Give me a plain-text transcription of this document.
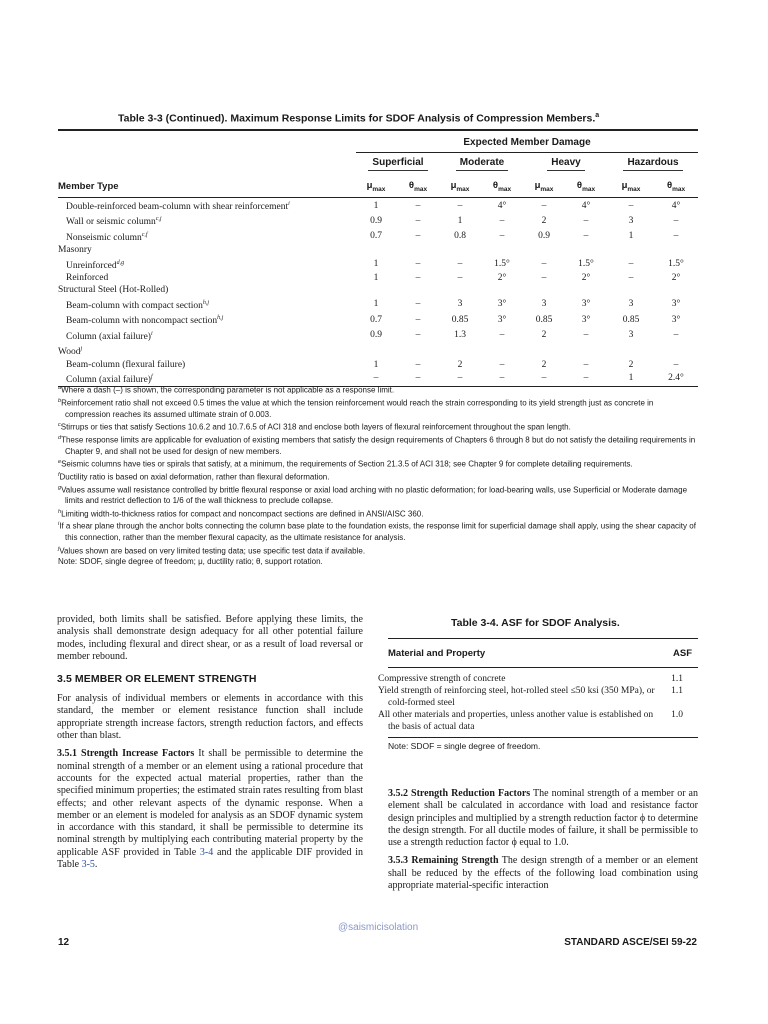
Table 3-3 (Continued). Maximum Response Limits for SDOF Analysis of Compression Members.$^a$
	Expected Member Damage							
	Superficial		Moderate		Heavy		Hazardous	
Member Type	$\mu_{max}$	$\theta_{max}$	$\mu_{max}$	$\theta_{max}$	$\mu_{max}$	$\theta_{max}$	$\mu_{max}$	$\theta_{max}$
Double-reinforced beam-column with shear reinforcement$^i$	1	–	–	4°	–	4°	–	4°
Wall or seismic column$^{c,j}$	0.9	–	1	–	2	–	3	–
Nonseismic column$^{c,f}$	0.7	–	0.8	–	0.9	–	1	–
Masonry								
Unreinforced$^{d,g}$	1	–	–	1.5°	–	1.5°	–	1.5°
Reinforced	1	–	–	2°	–	2°	–	2°
Structural Steel (Hot-Rolled)								
Beam-column with compact section$^{h,j}$	1	–	3	3°	3	3°	3	3°
Beam-column with noncompact section$^{h,j}$	0.7	–	0.85	3°	0.85	3°	0.85	3°
Column (axial failure)$^i$	0.9	–	1.3	–	2	–	3	–
Wood$^j$								
Beam-column (flexural failure)	1	–	2	–	2	–	2	–
Column (axial failure)$^f$	–	–	–	–	–	–	1	2.4°

$^a$Where a dash (–) is shown, the corresponding parameter is not applicable as a response limit.

$^b$Reinforcement ratio shall not exceed 0.5 times the value at which the tension reinforcement would reach the strain corresponding to its yield strength just as concrete in compression reaches its assumed ultimate strain of 0.003.

$^c$Stirrups or ties that satisfy Sections 10.6.2 and 10.7.6.5 of ACI 318 and enclose both layers of flexural reinforcement throughout the span length.

$^d$These response limits are applicable for evaluation of existing members that satisfy the design requirements of Chapters 6 through 8 but do not satisfy the detailing requirements in Chapter 9, and shall not be used for design of new members.

$^e$Seismic columns have ties or spirals that satisfy, at a minimum, the requirements of Section 21.3.5 of ACI 318; see Chapter 9 for complete detailing requirements.

$^f$Ductility ratio is based on axial deformation, rather than flexural deformation.

$^g$Values assume wall resistance controlled by brittle flexural response or axial load arching with no plastic deformation; for load-bearing walls, use Superficial or Moderate damage limits and restrict deflection to 1/6 of the wall thickness to preclude collapse.

$^h$Limiting width-to-thickness ratios for compact and noncompact sections are defined in ANSI/AISC 360.

$^i$If a shear plane through the anchor bolts connecting the column base plate to the foundation exists, the response limit for superficial damage shall apply, using the shear capacity of this connection, rather than the member flexural capacity, as the ultimate resistance for analysis.

$^j$Values shown are based on very limited testing data; use specific test data if available.

Note: SDOF, single degree of freedom; μ, ductility ratio; θ, support rotation.

provided, both limits shall be satisfied. Before applying these limits, the analysis shall demonstrate design adequacy for all other potential failure modes, including flexural and direct shear, or as a result of load reversal or member rebound.

3.5 MEMBER OR ELEMENT STRENGTH

For analysis of individual members or elements in accordance with this standard, the member or element resistance function shall include appropriate strength increase factors, strength reduction factors, and effects other than blast.

3.5.1 Strength Increase Factors It shall be permissible to determine the nominal strength of a member or an element using a rational procedure that accounts for the expected actual material properties, rather than the specified minimum properties; the estimated strain rates resulting from blast effects; and other relevant aspects of the dynamic response. When a member or an element is modeled for analysis as an SDOF dynamic system in accordance with this standard, it shall be permissible to determine its nominal strength by multiplying each contributing material property by the applicable ASF provided in Table 3-4 and the applicable DIF provided in Table 3-5.

Table 3-4. ASF for SDOF Analysis.
Material and Property	ASF
Compressive strength of concrete	1.1
Yield strength of reinforcing steel, hot-rolled steel ≤50 ksi (350 MPa), or cold-formed steel	1.1
All other materials and properties, unless another value is established on the basis of actual data	1.0
Note: SDOF = single degree of freedom.

3.5.2 Strength Reduction Factors The nominal strength of a member or an element shall be calculated in accordance with load and resistance factor design principles and multiplied by a strength reduction factor ϕ to determine the design strength. For all ductile modes of failure, it shall be permissible to use a strength reduction factor ϕ equal to 1.0.

3.5.3 Remaining Strength The design strength of a member or an element shall be reduced by the effects of the following load combination using appropriate material-specific interaction

@saismicisolation
12	STANDARD ASCE/SEI 59-22
